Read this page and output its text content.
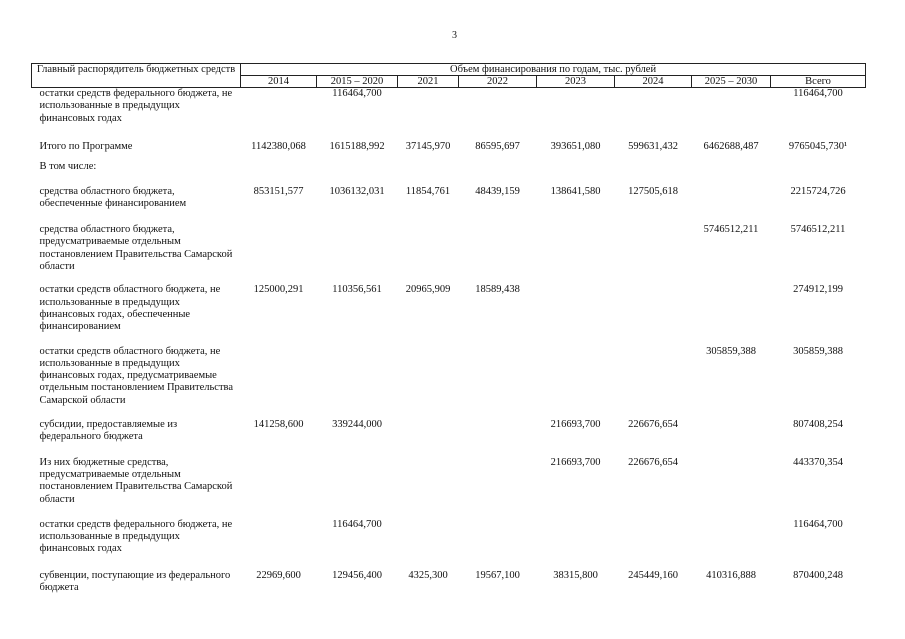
3
Главный распорядитель бюджетных средств	Объем финансирования по годам, тыс. рублей							
	2014	2015 – 2020	2021	2022	2023	2024	2025 – 2030	Всего
остатки средств федерального бюджета, не использованные в предыдущих финансовых годах		116464,700						116464,700

Итого по Программе	1142380,068	1615188,992	37145,970	86595,697	393651,080	599631,432	6462688,487	9765045,730¹

В том числе:								

средства областного бюджета, обеспеченные финансированием	853151,577	1036132,031	11854,761	48439,159	138641,580	127505,618		2215724,726

средства областного бюджета, предусматриваемые отдельным постановлением Правительства Самарской области							5746512,211	5746512,211

остатки средств областного бюджета, не использованные в предыдущих финансовых годах, обеспеченные финансированием	125000,291	110356,561	20965,909	18589,438				274912,199

остатки средств областного бюджета, не использованные в предыдущих финансовых годах, предусматриваемые отдельным постановлением Правительства Самарской области							305859,388	305859,388

субсидии, предоставляемые из федерального бюджета	141258,600	339244,000			216693,700	226676,654		807408,254

Из них бюджетные средства, предусматриваемые отдельным постановлением Правительства Самарской области					216693,700	226676,654		443370,354

остатки средств федерального бюджета, не использованные в предыдущих финансовых годах		116464,700						116464,700

субвенции, поступающие из федерального бюджета	22969,600	129456,400	4325,300	19567,100	38315,800	245449,160	410316,888	870400,248
